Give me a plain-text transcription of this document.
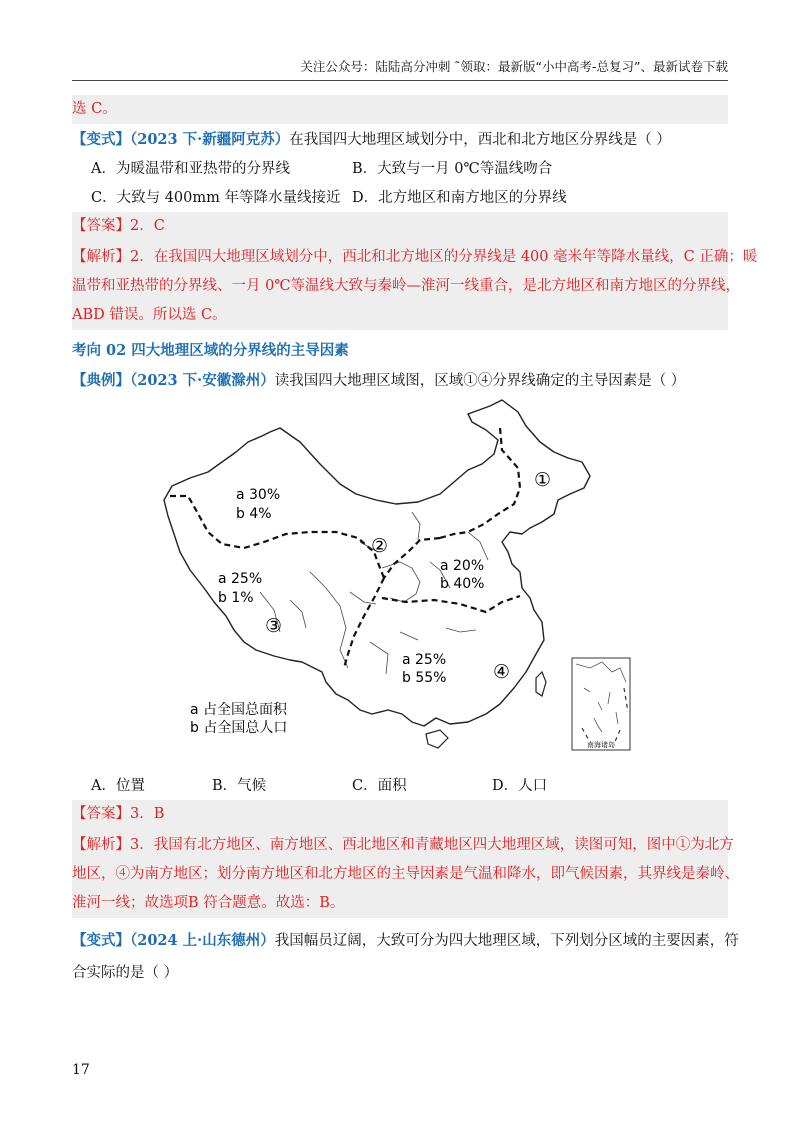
关注公众号：陆陆高分冲刺 ˜领取：最新版“小中高考-总复习”、最新试卷下载
选 C。
【变式】（2023 下·新疆阿克苏）在我国四大地理区域划分中，西北和北方地区分界线是（ ）
A．为暖温带和亚热带的分界线	B．大致与一月 0℃等温线吻合
C．大致与 400mm 年等降水量线接近 D．北方地区和南方地区的分界线
【答案】2．C
【解析】2．在我国四大地理区域划分中，西北和北方地区的分界线是 400 毫米年等降水量线，C 正确；暖
温带和亚热带的分界线、一月 0℃等温线大致与秦岭—淮河一线重合，是北方地区和南方地区的分界线，
ABD 错误。所以选 C。
考向 02 四大地理区域的分界线的主导因素
【典例】（2023 下·安徽滁州）读我国四大地理区域图，区域①④分界线确定的主导因素是（ ）
a 30%
b 4%
a 25%
b 1%
a 20%
b 40%
a 25%
b 55%
①
②
③
④
a 占全国总面积
b 占全国总人口
南海诸岛
A．位置	B．气候	C．面积	D．人口
【答案】3．B
【解析】3．我国有北方地区、南方地区、西北地区和青藏地区四大地理区域，读图可知，图中①为北方
地区，④为南方地区；划分南方地区和北方地区的主导因素是气温和降水，即气候因素，其界线是秦岭、
淮河一线；故选项B 符合题意。故选：B。
【变式】（2024 上·山东德州）我国幅员辽阔，大致可分为四大地理区域，下列划分区域的主要因素，符
合实际的是（ ）
17
